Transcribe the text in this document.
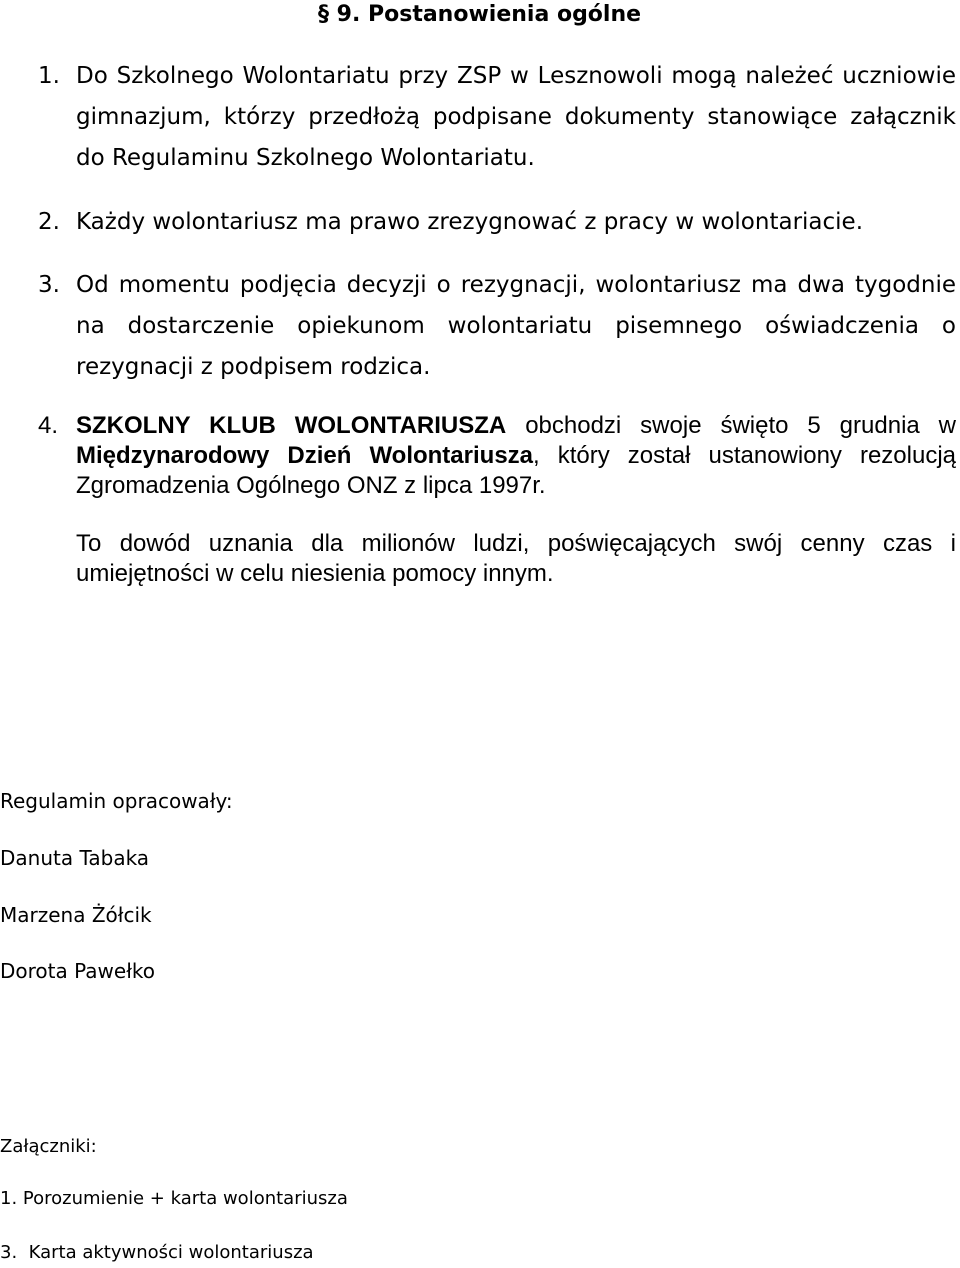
§ 9. Postanowienia ogólne
1. Do Szkolnego Wolontariatu przy ZSP w Lesznowoli mogą należeć uczniowie gimnazjum, którzy przedłożą podpisane dokumenty stanowiące załącznik do Regulaminu Szkolnego Wolontariatu.
2. Każdy wolontariusz ma prawo zrezygnować z pracy w wolontariacie.
3. Od momentu podjęcia decyzji o rezygnacji, wolontariusz ma dwa tygodnie na dostarczenie opiekunom wolontariatu pisemnego oświadczenia o rezygnacji z podpisem rodzica.
4. SZKOLNY KLUB WOLONTARIUSZA obchodzi swoje święto 5 grudnia w Międzynarodowy Dzień Wolontariusza, który został ustanowiony rezolucją Zgromadzenia Ogólnego ONZ z lipca 1997r.
To dowód uznania dla milionów ludzi, poświęcających swój cenny czas i umiejętności w celu niesienia pomocy innym.
Regulamin opracowały:
Danuta Tabaka
Marzena Żółcik
Dorota Pawełko
Załączniki:
1. Porozumienie + karta wolontariusza
3.  Karta aktywności wolontariusza
